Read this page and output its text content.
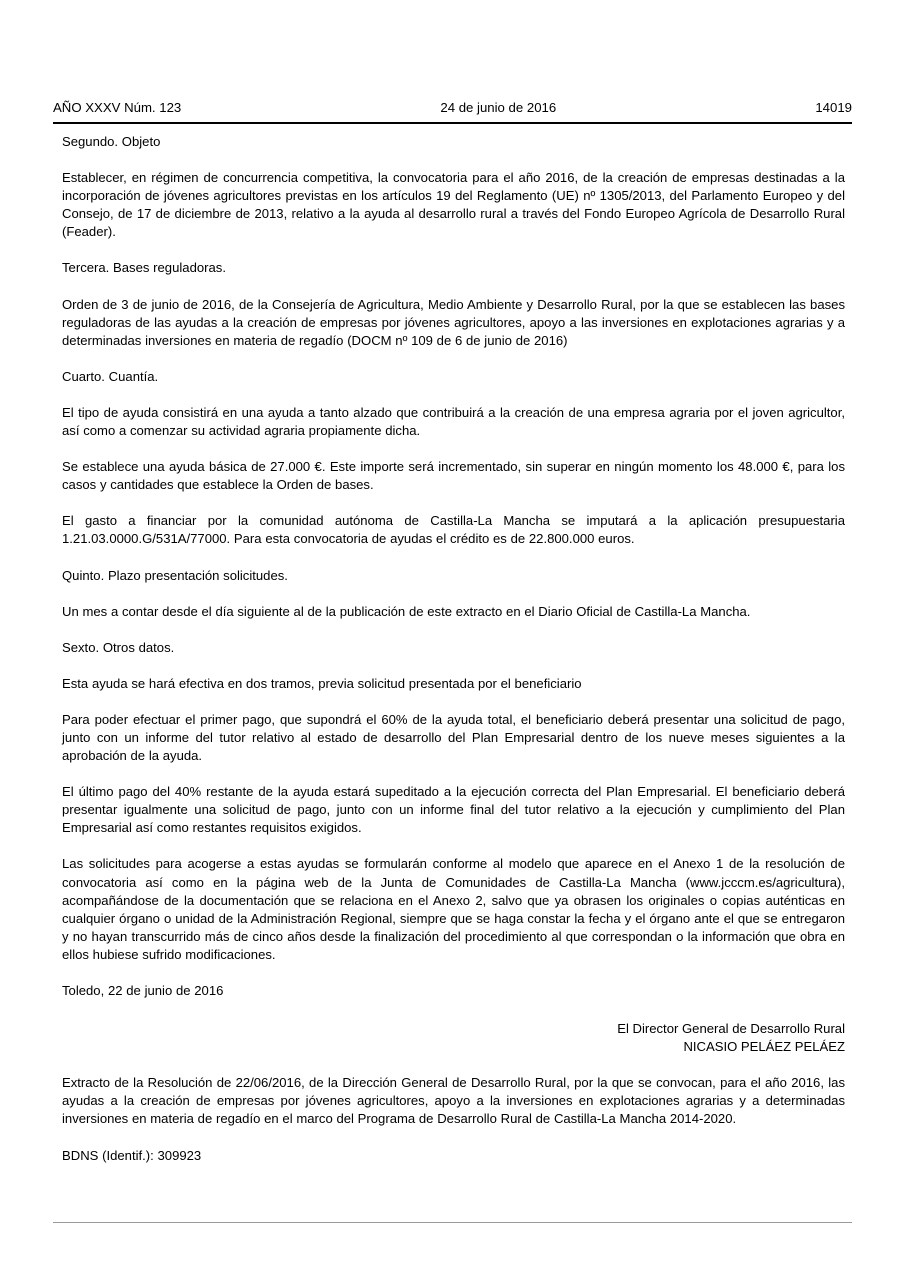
AÑO XXXV Núm. 123	24 de junio de 2016	14019

Segundo. Objeto

Establecer, en régimen de concurrencia competitiva, la convocatoria para el año 2016, de la creación de empresas destinadas a la incorporación de jóvenes agricultores previstas en los artículos 19 del Reglamento (UE) nº 1305/2013, del Parlamento Europeo y del Consejo, de 17 de diciembre de 2013, relativo a la ayuda al desarrollo rural a través del Fondo Europeo Agrícola de Desarrollo Rural (Feader).

Tercera. Bases reguladoras.

Orden de 3 de junio de 2016, de la Consejería de Agricultura, Medio Ambiente y Desarrollo Rural, por la que se establecen las bases reguladoras de las ayudas a la creación de empresas por jóvenes agricultores, apoyo a las inversiones en explotaciones agrarias y a determinadas inversiones en materia de regadío (DOCM nº 109 de 6 de junio de 2016)

Cuarto. Cuantía.

El tipo de ayuda consistirá en una ayuda a tanto alzado que contribuirá a la creación de una empresa agraria por el joven agricultor, así como a comenzar su actividad agraria propiamente dicha.

Se establece una ayuda básica de 27.000 €. Este importe será incrementado, sin superar en ningún momento los 48.000 €, para los casos y cantidades que establece la Orden de bases.

El gasto a financiar por la comunidad autónoma de Castilla-La Mancha se imputará a la aplicación presupuestaria 1.21.03.0000.G/531A/77000. Para esta convocatoria de ayudas el crédito es de 22.800.000 euros.

Quinto. Plazo presentación solicitudes.

Un mes a contar desde el día siguiente al de la publicación de este extracto en el Diario Oficial de Castilla-La Mancha.

Sexto. Otros datos.

Esta ayuda se hará efectiva en dos tramos, previa solicitud presentada por el beneficiario

Para poder efectuar el primer pago, que supondrá el 60% de la ayuda total, el beneficiario deberá presentar una solicitud de pago, junto con un informe del tutor relativo al estado de desarrollo del Plan Empresarial dentro de los nueve meses siguientes a la aprobación de la ayuda.

El último pago del 40% restante de la ayuda estará supeditado a la ejecución correcta del Plan Empresarial. El beneficiario deberá presentar igualmente una solicitud de pago, junto con un informe final del tutor relativo a la ejecución y cumplimiento del Plan Empresarial así como restantes requisitos exigidos.

Las solicitudes para acogerse a estas ayudas se formularán conforme al modelo que aparece en el Anexo 1 de la resolución de convocatoria así como en la página web de la Junta de Comunidades de Castilla-La Mancha (www.jcccm.es/agricultura), acompañándose de la documentación que se relaciona en el Anexo 2, salvo que ya obrasen los originales o copias auténticas en cualquier órgano o unidad de la Administración Regional, siempre que se haga constar la fecha y el órgano ante el que se entregaron y no hayan transcurrido más de cinco años desde la finalización del procedimiento al que correspondan o la información que obra en ellos hubiese sufrido modificaciones.

Toledo, 22 de junio de 2016

El Director General de Desarrollo Rural
NICASIO PELÁEZ PELÁEZ

Extracto de la Resolución de 22/06/2016, de la Dirección General de Desarrollo Rural, por la que se convocan, para el año 2016, las ayudas a la creación de empresas por jóvenes agricultores, apoyo a la inversiones en explotaciones agrarias y a determinadas inversiones en materia de regadío en el marco del Programa de Desarrollo Rural de Castilla-La Mancha 2014-2020.

BDNS (Identif.): 309923
